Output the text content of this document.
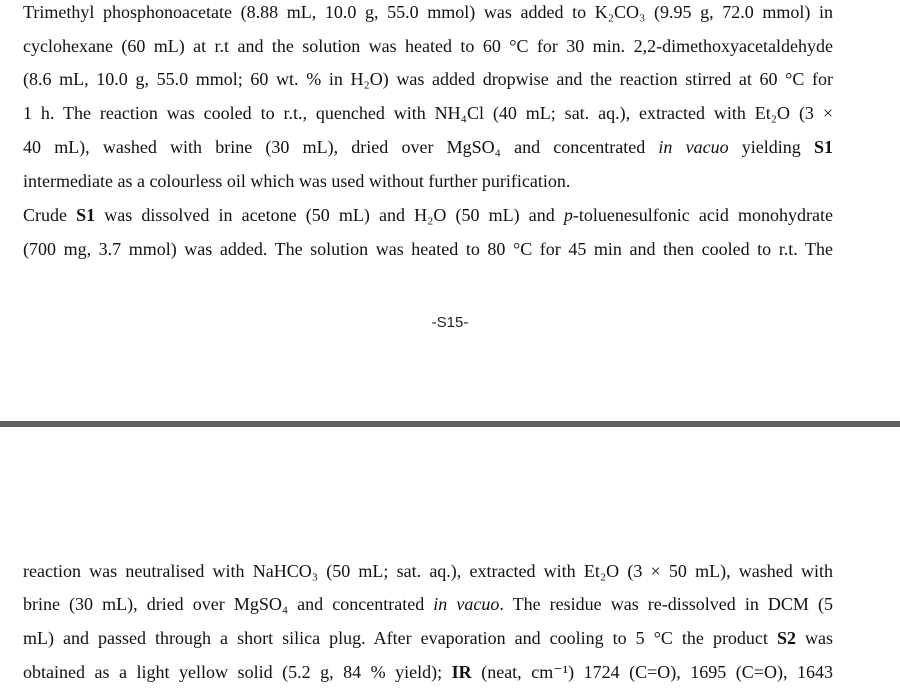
Trimethyl phosphonoacetate (8.88 mL, 10.0 g, 55.0 mmol) was added to K₂CO₃ (9.95 g, 72.0 mmol) in
cyclohexane (60 mL) at r.t and the solution was heated to 60 °C for 30 min. 2,2-dimethoxyacetaldehyde
(8.6 mL, 10.0 g, 55.0 mmol; 60 wt. % in H₂O) was added dropwise and the reaction stirred at 60 °C for
1 h. The reaction was cooled to r.t., quenched with NH₄Cl (40 mL; sat. aq.), extracted with Et₂O (3 ×
40 mL), washed with brine (30 mL), dried over MgSO₄ and concentrated in vacuo yielding S1
intermediate as a colourless oil which was used without further purification.
Crude S1 was dissolved in acetone (50 mL) and H₂O (50 mL) and p-toluenesulfonic acid monohydrate
(700 mg, 3.7 mmol) was added. The solution was heated to 80 °C for 45 min and then cooled to r.t. The
-S15-
reaction was neutralised with NaHCO₃ (50 mL; sat. aq.), extracted with Et₂O (3 × 50 mL), washed with
brine (30 mL), dried over MgSO₄ and concentrated in vacuo. The residue was re-dissolved in DCM (5
mL) and passed through a short silica plug. After evaporation and cooling to 5 °C the product S2 was
obtained as a light yellow solid (5.2 g, 84 % yield); IR (neat, cm⁻¹) 1724 (C=O), 1695 (C=O), 1643
